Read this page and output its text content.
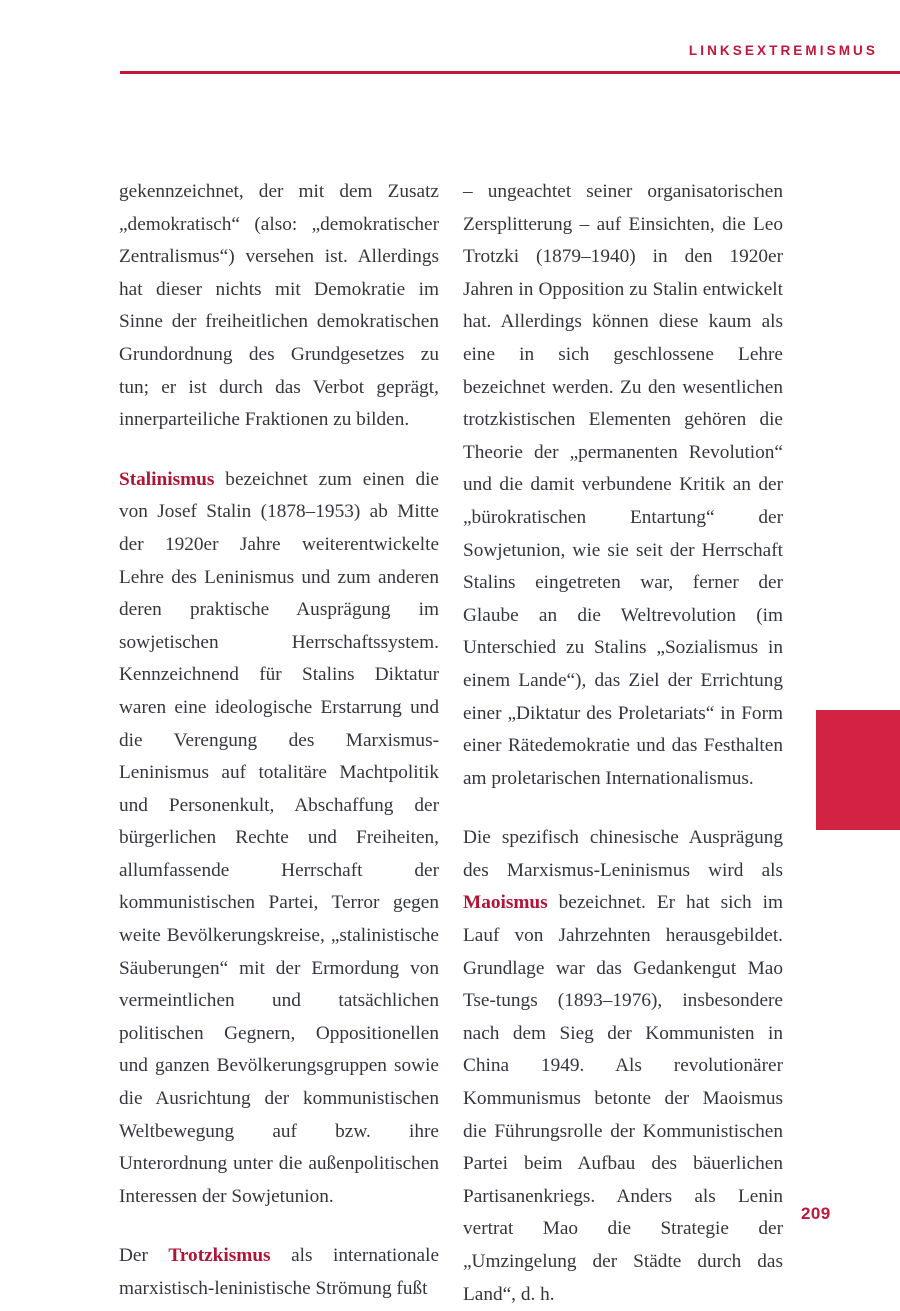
LINKSEXTREMISMUS

gekennzeichnet, der mit dem Zusatz „demokratisch“ (also: „demokratischer Zentralismus“) versehen ist. Allerdings hat dieser nichts mit Demokratie im Sinne der freiheitlichen demokratischen Grundordnung des Grundgesetzes zu tun; er ist durch das Verbot geprägt, innerparteiliche Fraktionen zu bilden.

Stalinismus bezeichnet zum einen die von Josef Stalin (1878–1953) ab Mitte der 1920er Jahre weiterentwickelte Lehre des Leninismus und zum anderen deren praktische Ausprägung im sowjetischen Herrschaftssystem. Kennzeichnend für Stalins Diktatur waren eine ideologische Erstarrung und die Verengung des Marxismus-Leninismus auf totalitäre Machtpolitik und Personenkult, Abschaffung der bürgerlichen Rechte und Freiheiten, allumfassende Herrschaft der kommunistischen Partei, Terror gegen weite Bevölkerungskreise, „stalinistische Säuberungen“ mit der Ermordung von vermeintlichen und tatsächlichen politischen Gegnern, Oppositionellen und ganzen Bevölkerungsgruppen sowie die Ausrichtung der kommunistischen Weltbewegung auf bzw. ihre Unterordnung unter die außenpolitischen Interessen der Sowjetunion.

Der Trotzkismus als internationale marxistisch-leninistische Strömung fußt

– ungeachtet seiner organisatorischen Zersplitterung – auf Einsichten, die Leo Trotzki (1879–1940) in den 1920er Jahren in Opposition zu Stalin entwickelt hat. Allerdings können diese kaum als eine in sich geschlossene Lehre bezeichnet werden. Zu den wesentlichen trotzkistischen Elementen gehören die Theorie der „permanenten Revolution“ und die damit verbundene Kritik an der „bürokratischen Entartung“ der Sowjetunion, wie sie seit der Herrschaft Stalins eingetreten war, ferner der Glaube an die Weltrevolution (im Unterschied zu Stalins „Sozialismus in einem Lande“), das Ziel der Errichtung einer „Diktatur des Proletariats“ in Form einer Rätedemokratie und das Festhalten am proletarischen Internationalismus.

Die spezifisch chinesische Ausprägung des Marxismus-Leninismus wird als Maoismus bezeichnet. Er hat sich im Lauf von Jahrzehnten herausgebildet. Grundlage war das Gedankengut Mao Tse-tungs (1893–1976), insbesondere nach dem Sieg der Kommunisten in China 1949. Als revolutionärer Kommunismus betonte der Maoismus die Führungsrolle der Kommunistischen Partei beim Aufbau des bäuerlichen Partisanenkriegs. Anders als Lenin vertrat Mao die Strategie der „Umzingelung der Städte durch das Land“, d. h.

209
